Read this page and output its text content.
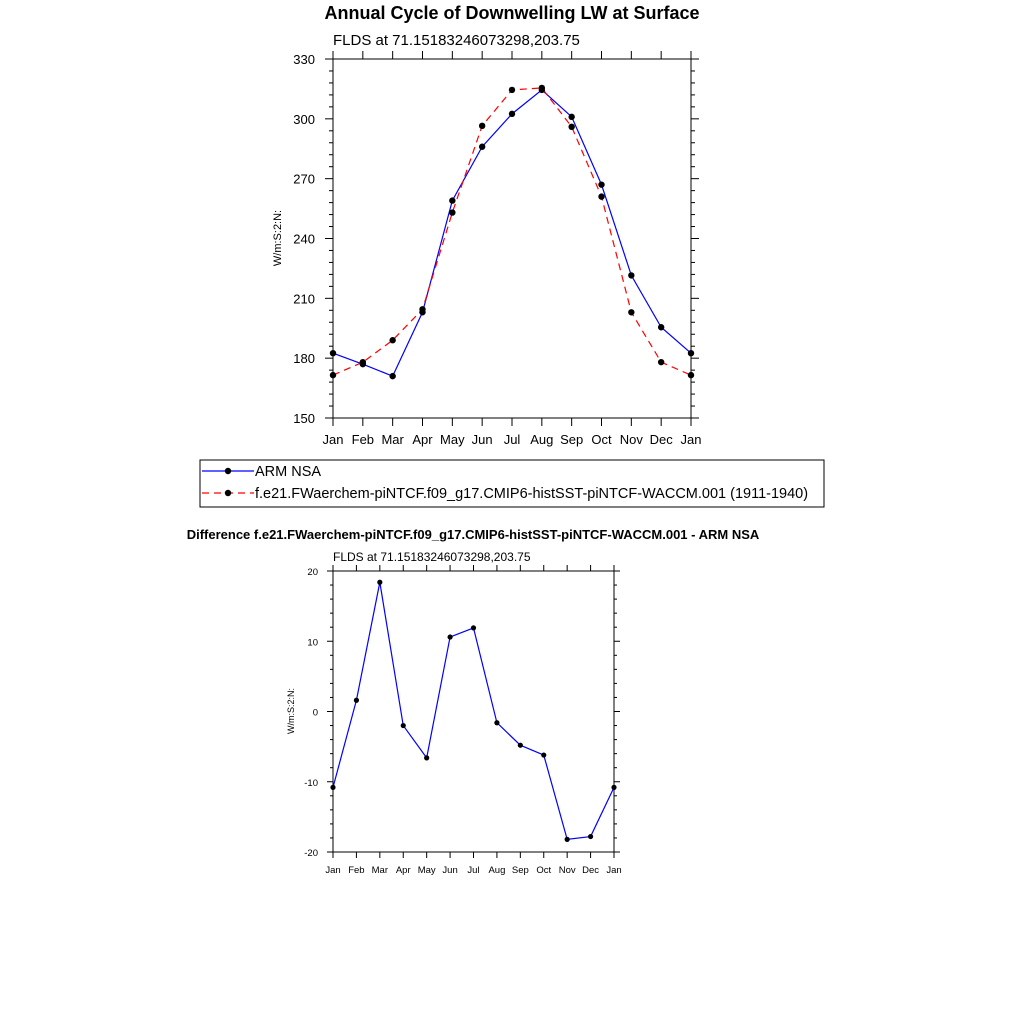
Annual Cycle of Downwelling LW at Surface
FLDS at 71.15183246073298,203.75
W/m:S:2:N:
Jan Feb Mar Apr May Jun Jul Aug Sep Oct Nov Dec Jan
150
180
210
240
270
300
330
ARM NSA
f.e21.FWaerchem-piNTCF.f09_g17.CMIP6-histSST-piNTCF-WACCM.001 (1911-1940)
Difference f.e21.FWaerchem-piNTCF.f09_g17.CMIP6-histSST-piNTCF-WACCM.001 - ARM NSA
FLDS at 71.15183246073298,203.75
W/m:S:2:N:
Jan Feb Mar Apr May Jun Jul Aug Sep Oct Nov Dec Jan
-20
-10
0
10
20
